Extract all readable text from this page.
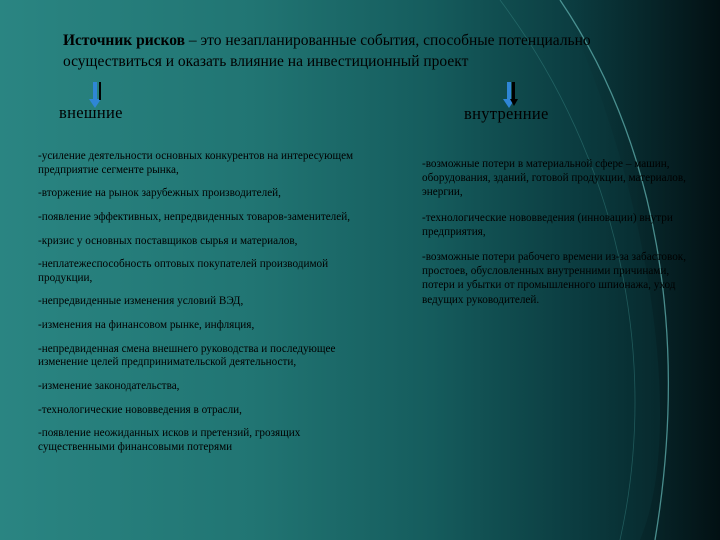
Источник рисков – это незапланированные события, способные потенциально осуществиться и оказать влияние на инвестиционный проект
внешние	внутренние
-усиление деятельности основных конкурентов на интересующем предприятие сегменте рынка,
-вторжение на рынок зарубежных производителей,
-появление эффективных, непредвиденных товаров-заменителей,
-кризис у основных поставщиков сырья и материалов,
-неплатежеспособность оптовых покупателей производимой продукции,
-непредвиденные изменения условий ВЭД,
-изменения на финансовом рынке, инфляция,
-непредвиденная смена внешнего руководства и последующее изменение целей предпринимательской деятельности,
-изменение законодательства,
-технологические нововведения в отрасли,
-появление неожиданных исков и претензий, грозящих существенными финансовыми потерями
-возможные потери в материальной сфере – машин, оборудования, зданий, готовой продукции, материалов, энергии,
-технологические нововведения (инновации) внутри предприятия,
-возможные потери рабочего времени из-за забастовок, простоев, обусловленных внутренними причинами, потери и убытки от промышленного шпионажа, уход ведущих руководителей.
